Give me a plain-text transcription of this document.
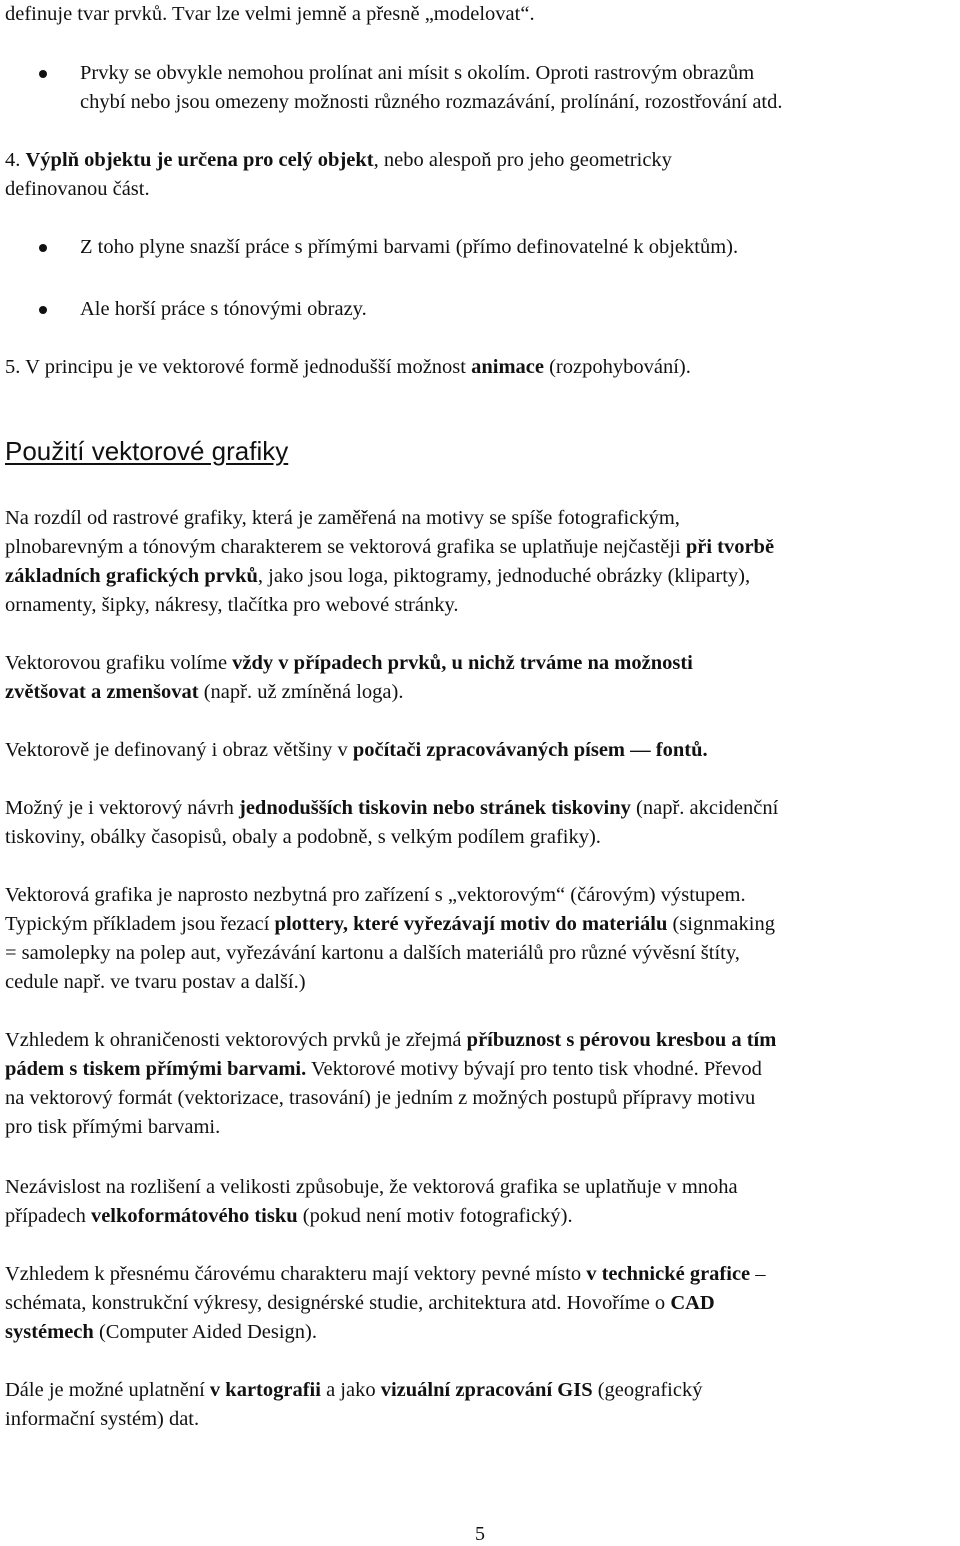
definuje tvar prvků. Tvar lze velmi jemně a přesně „modelovat“.
Prvky se obvykle nemohou prolínat ani mísit s okolím. Oproti rastrovým obrazům
chybí nebo jsou omezeny možnosti různého rozmazávání, prolínání, rozostřování atd.
4. Výplň objektu je určena pro celý objekt, nebo alespoň pro jeho geometricky
definovanou část.
Z toho plyne snazší práce s přímými barvami (přímo definovatelné k objektům).
Ale horší práce s tónovými obrazy.
5. V principu je ve vektorové formě jednodušší možnost animace (rozpohybování).
Použití vektorové grafiky
Na rozdíl od rastrové grafiky, která je zaměřená na motivy se spíše fotografickým,
plnobarevným a tónovým charakterem se vektorová grafika se uplatňuje nejčastěji při tvorbě
základních grafických prvků, jako jsou loga, piktogramy, jednoduché obrázky (kliparty),
ornamenty, šipky, nákresy, tlačítka pro webové stránky.
Vektorovou grafiku volíme vždy v případech prvků, u nichž trváme na možnosti
zvětšovat a zmenšovat (např. už zmíněná loga).
Vektorově je definovaný i obraz většiny v počítači zpracovávaných písem — fontů.
Možný je i vektorový návrh jednodušších tiskovin nebo stránek tiskoviny (např. akcidenční
tiskoviny, obálky časopisů, obaly a podobně, s velkým podílem grafiky).
Vektorová grafika je naprosto nezbytná pro zařízení s „vektorovým“ (čárovým) výstupem.
Typickým příkladem jsou řezací plottery, které vyřezávají motiv do materiálu (signmaking
= samolepky na polep aut, vyřezávání kartonu a dalších materiálů pro různé vývěsní štíty,
cedule např. ve tvaru postav a další.)
Vzhledem k ohraničenosti vektorových prvků je zřejmá příbuznost s pérovou kresbou a tím
pádem s tiskem přímými barvami. Vektorové motivy bývají pro tento tisk vhodné. Převod
na vektorový formát (vektorizace, trasování) je jedním z možných postupů přípravy motivu
pro tisk přímými barvami.
Nezávislost na rozlišení a velikosti způsobuje, že vektorová grafika se uplatňuje v mnoha
případech velkoformátového tisku (pokud není motiv fotografický).
Vzhledem k přesnému čárovému charakteru mají vektory pevné místo v technické grafice –
schémata, konstrukční výkresy, designérské studie, architektura atd. Hovoříme o CAD
systémech (Computer Aided Design).
Dále je možné uplatnění v kartografii a jako vizuální zpracování GIS (geografický
informační systém) dat.
5
